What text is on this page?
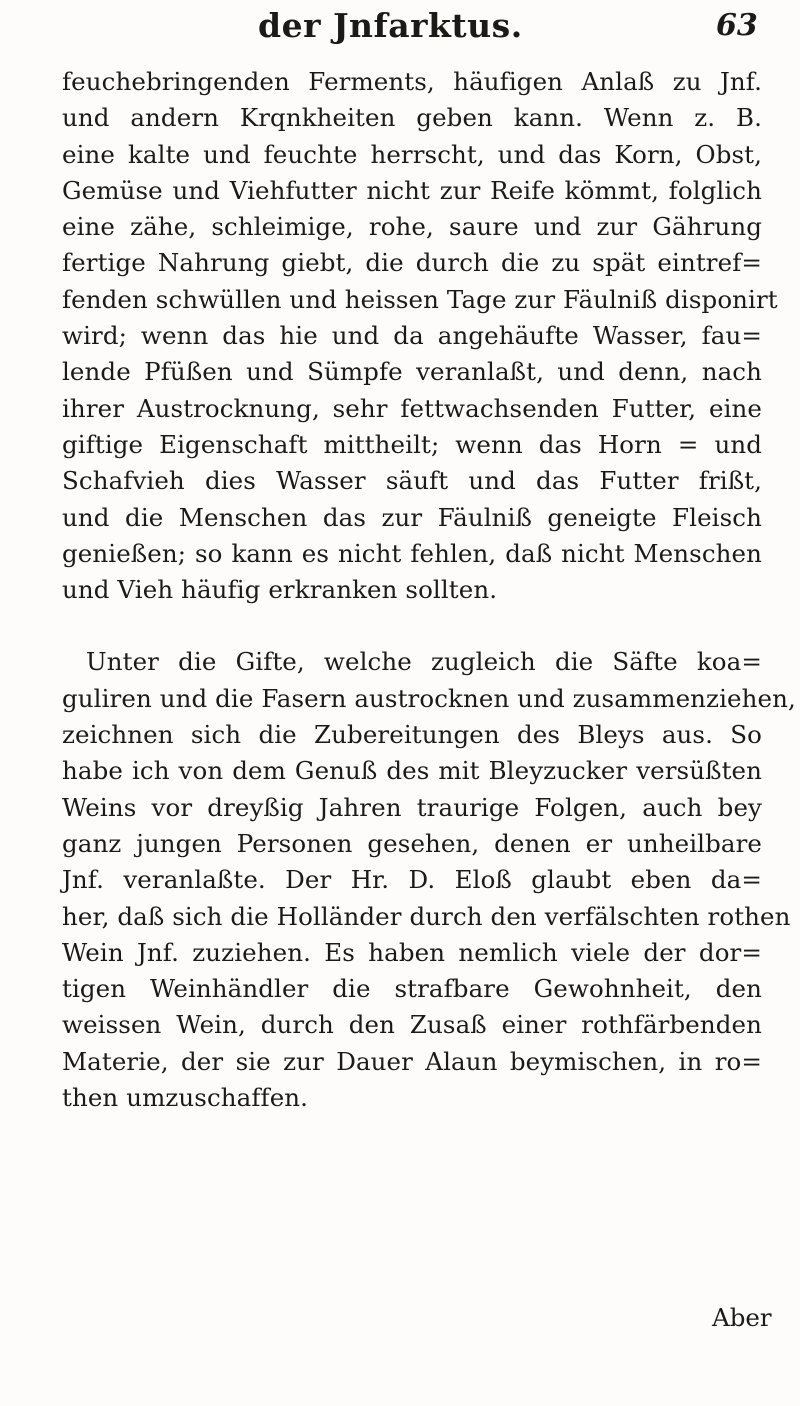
der Jnfarktus.	63
feuchebringenden Ferments, häufigen Anlaß zu Jnf.
und andern Krqnkheiten geben kann. Wenn z. B.
eine kalte und feuchte herrscht, und das Korn, Obst,
Gemüse und Viehfutter nicht zur Reife kömmt, folglich
eine zähe, schleimige, rohe, saure und zur Gährung
fertige Nahrung giebt, die durch die zu spät eintref=
fenden schwüllen und heissen Tage zur Fäulniß disponirt
wird; wenn das hie und da angehäufte Wasser, fau=
lende Pfüßen und Sümpfe veranlaßt, und denn, nach
ihrer Austrocknung, sehr fettwachsenden Futter, eine
giftige Eigenschaft mittheilt; wenn das Horn = und
Schafvieh dies Wasser säuft und das Futter frißt,
und die Menschen das zur Fäulniß geneigte Fleisch
genießen; so kann es nicht fehlen, daß nicht Menschen
und Vieh häufig erkranken sollten.
Unter die Gifte, welche zugleich die Säfte koa=
guliren und die Fasern austrocknen und zusammenziehen,
zeichnen sich die Zubereitungen des Bleys aus. So
habe ich von dem Genuß des mit Bleyzucker versüßten
Weins vor dreyßig Jahren traurige Folgen, auch bey
ganz jungen Personen gesehen, denen er unheilbare
Jnf. veranlaßte. Der Hr. D. Eloß glaubt eben da=
her, daß sich die Holländer durch den verfälschten rothen
Wein Jnf. zuziehen. Es haben nemlich viele der dor=
tigen Weinhändler die strafbare Gewohnheit, den
weissen Wein, durch den Zusaß einer rothfärbenden
Materie, der sie zur Dauer Alaun beymischen, in ro=
then umzuschaffen.
Aber
